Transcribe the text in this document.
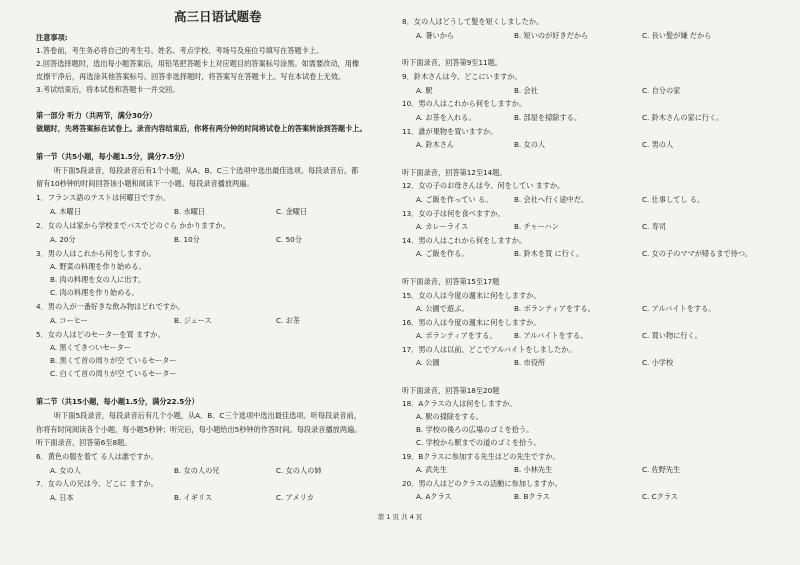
高三日语试题卷
注意事项:
1.答卷前，考生务必将自己的考生号、姓名、考点学校、考场号及座位号填写在答题卡上。
2.回答选择题时，选出每小题答案后，用铅笔把答题卡上对应题目的答案标号涂黑。如需要改动，用橡
皮擦干净后，再选涂其他答案标号。回答非选择题时，将答案写在答题卡上。写在本试卷上无效。
3.考试结束后，将本试卷和答题卡一并交回。
第一部分 听力（共两节，满分30分）
做题时，先将答案标在试卷上。录音内容结束后，你将有两分钟的时间将试卷上的答案转涂到答题卡上。
第一节（共5小题，每小题1.5分，满分7.5分）
听下面5段录音，每段录音后有1个小题，从A、B、C三个选项中选出最佳选项。每段录音后，都
留有10秒钟的时间回答该小题和阅读下一小题。每段录音播放两遍。
1．フランス語のテストは何曜日ですか。
A. 木曜日	B. 水曜日	C. 金曜日
2．女の人は家から学校までバスでどのぐら かかりますか。
A. 20分	B. 10分	C. 50分
3．男の人はこれから何をしますか。
A. 野菜の料理を作り始める。
B. 肉の料理を女の人に出す。
C. 肉の料理を作り始める。
4．男の人が一番好きな飲み物はどれですか。
A. コーヒー	B. ジュース	C. お茶
5．女の人はどのセーターを買 ますか。
A. 黒くてきついセーター
B. 黒くて首の周りが空 ているセーター
C. 白くて首の周りが空 ているセーター
第二节（共15小题，每小题1.5分，满分22.5分）
听下面5段录音，每段录音后有几个小题，从A、B、C三个选项中选出最佳选项。听每段录音前，
你将有时间阅读各个小题，每小题5秒钟；听完后，每小题给出5秒钟的作答时间。每段录音播放两遍。
听下面录音，回答第6至8题。
6．黄色の服を着て る人は誰ですか。
A. 女の人	B. 女の人の兄	C. 女の人の姉
7．女の人の兄は今、どこに ますか。
A. 日本	B. イギリス	C. アメリカ
8．女の人はどうして髪を短くしましたか。
A. 暑いから	B. 短いのが好きだから	C. 長い髪が嫌 だから
听下面录音，回答第9至11题。
9．鈴木さんは今、どこにいますか。
A. 駅	B. 会社	C. 自分の家
10．男の人はこれから何をしますか。
A. お茶を入れる。	B. 部屋を掃除する。	C. 鈴木さんの家に行く。
11．誰が果物を買いますか。
A. 鈴木さん	B. 女の人	C. 男の人
听下面录音，回答第12至14题。
12．女の子のお母さんは今、何をしてい ますか。
A. ご飯を作ってい る。	B. 会社へ行く途中だ。	C. 仕事してし る。
13．女の子は何を食べますか。
A. カレーライス	B. チャーハン	C. 寿司
14．男の人はこれから何をしますか。
A. ご飯を作る。	B. 鈴木を買 に行く。	C. 女の子のママが帰るまで待つ。
听下面录音，回答第15至17题
15．女の人は今度の週末に何をしますか。
A. 公園で遊ぶ。	B. ボランティアをする。	C. アルバイトをする。
16．男の人は今度の週末に何をしますか。
A. ボランティアをする。 B. アルバイトをする。	C. 買い物に行く。
17．男の人は以前、どこでアルバイトをしましたか。
A. 公園	B. 市役所	C. 小学校
听下面录音，回答第18至20题
18．Aクラスの人は何をしますか。
A. 駅の掃除をする。
B. 学校の後ろの広場のゴミを拾う。
C. 学校から駅までの道のゴミを拾う。
19．Bクラスに参加する先生はどの先生ですか。
A. 武先生	B. 小林先生	C. 佐野先生
20．男の人はどのクラスの活動に参加しますか。
A. Aクラス	B. Bクラス	C. Cクラス
第 1 页 共 4 页
